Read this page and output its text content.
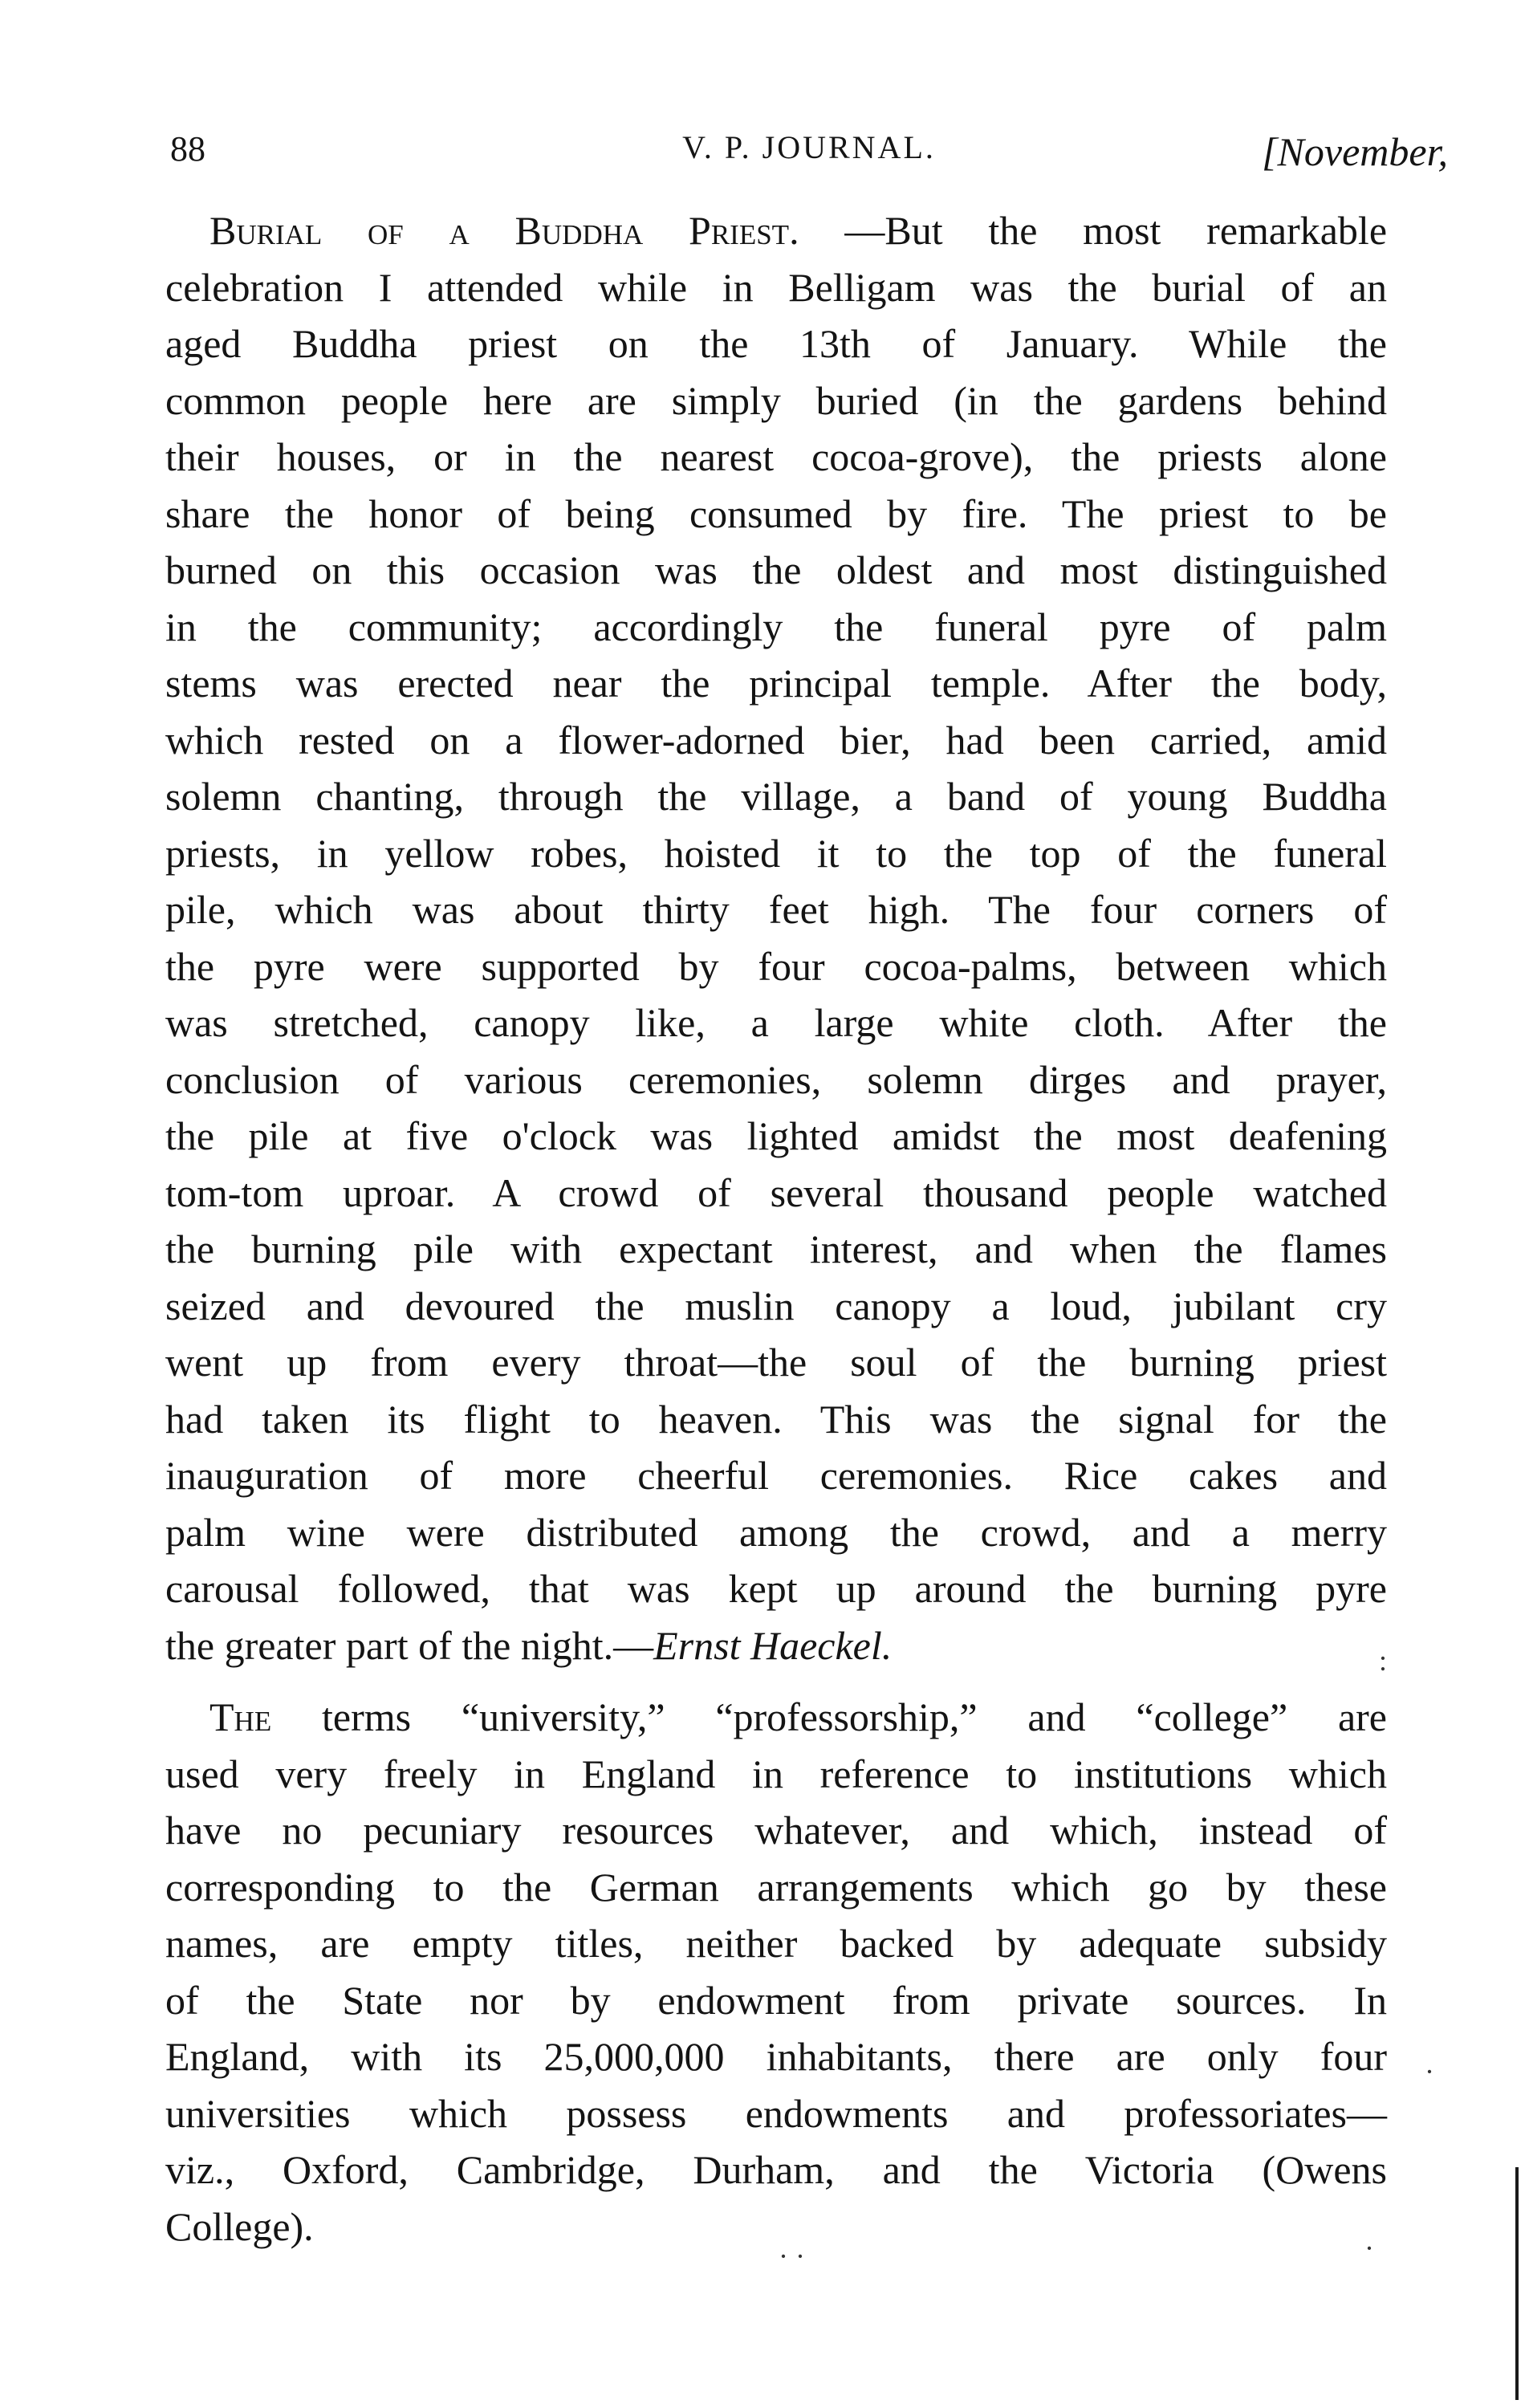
88	V. P. JOURNAL.	[November,
Burial of a Buddha Priest. —But the most remarkable
celebration I attended while in Belligam was the burial of an
aged Buddha priest on the 13th of January. While the
common people here are simply buried (in the gardens behind
their houses, or in the nearest cocoa-grove), the priests alone
share the honor of being consumed by fire. The priest to be
burned on this occasion was the oldest and most distinguished
in the community; accordingly the funeral pyre of palm
stems was erected near the principal temple. After the body,
which rested on a flower-adorned bier, had been carried, amid
solemn chanting, through the village, a band of young Buddha
priests, in yellow robes, hoisted it to the top of the funeral
pile, which was about thirty feet high. The four corners of
the pyre were supported by four cocoa-palms, between which
was stretched, canopy like, a large white cloth. After the
conclusion of various ceremonies, solemn dirges and prayer,
the pile at five o'clock was lighted amidst the most deafening
tom-tom uproar. A crowd of several thousand people watched
the burning pile with expectant interest, and when the flames
seized and devoured the muslin canopy a loud, jubilant cry
went up from every throat—the soul of the burning priest
had taken its flight to heaven. This was the signal for the
inauguration of more cheerful ceremonies. Rice cakes and
palm wine were distributed among the crowd, and a merry
carousal followed, that was kept up around the burning pyre
the greater part of the night.—Ernst Haeckel.	:
The terms “university,” “professorship,” and “college” are
used very freely in England in reference to institutions which
have no pecuniary resources whatever, and which, instead of
corresponding to the German arrangements which go by these
names, are empty titles, neither backed by adequate subsidy
of the State nor by endowment from private sources. In
England, with its 25,000,000 inhabitants, there are only four
universities which possess endowments and professoriates—
viz., Oxford, Cambridge, Durham, and the Victoria (Owens
College).
· ·	·
·
